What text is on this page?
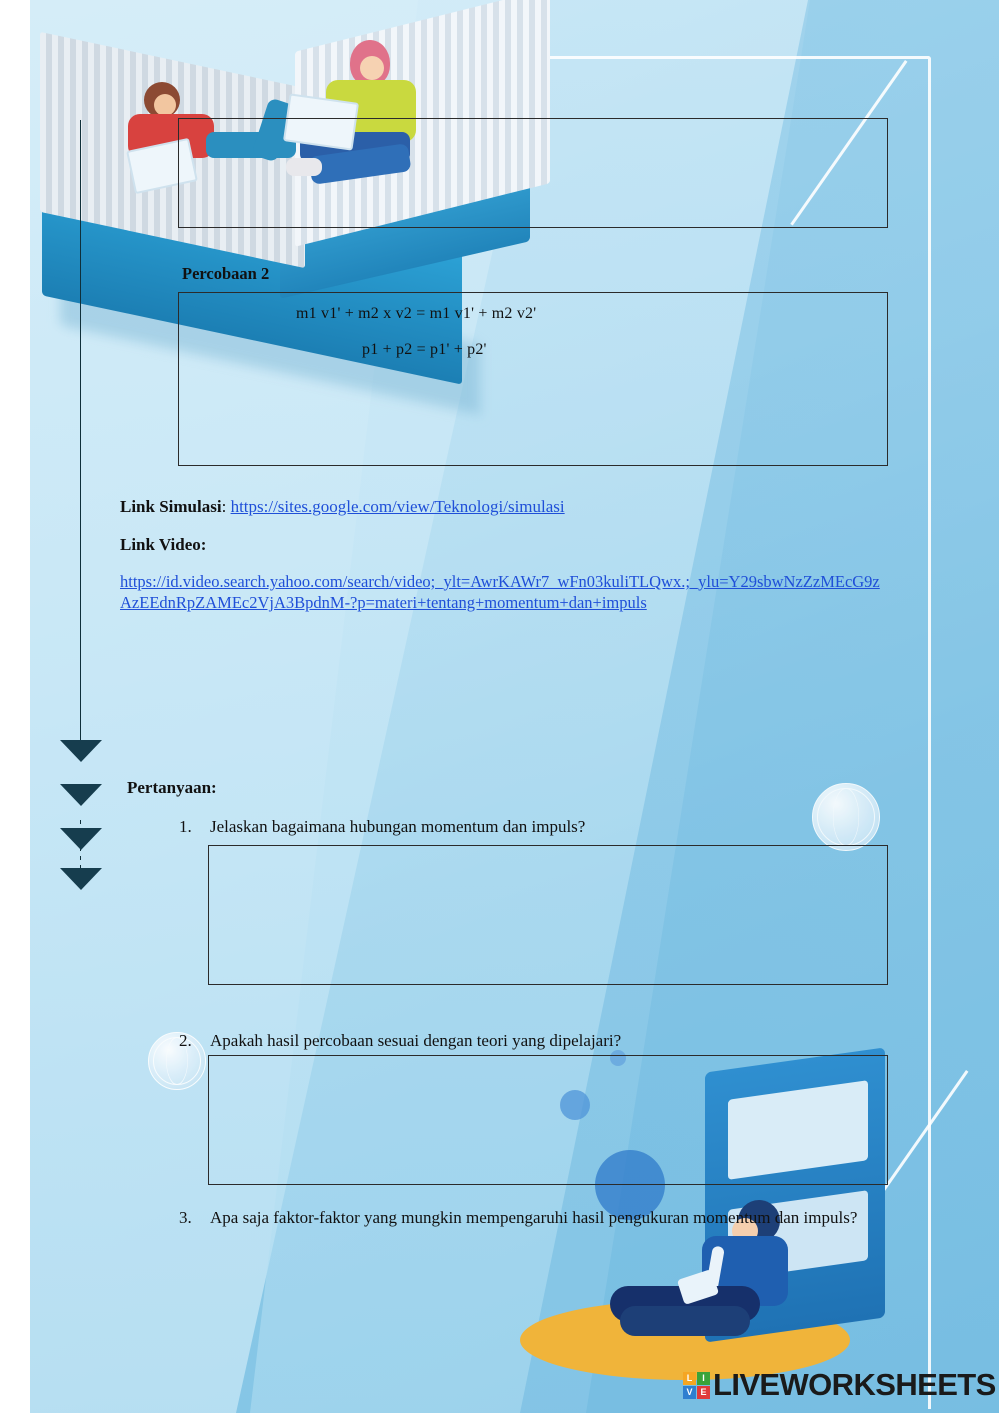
Percobaan 2
m1 v1' + m2 x v2 = m1 v1' + m2 v2'
p1 + p2 = p1' + p2'
Link Simulasi: https://sites.google.com/view/Teknologi/simulasi
Link Video:
https://id.video.search.yahoo.com/search/video;_ylt=AwrKAWr7_wFn03kuliTLQwx.;_ylu=Y29sbwNzZzMEcG9zAzEEdnRpZAMEc2VjA3BpdnM-?p=materi+tentang+momentum+dan+impuls
Pertanyaan:
1.	Jelaskan bagaimana hubungan momentum dan impuls?
2.	Apakah hasil percobaan sesuai dengan teori yang dipelajari?
3.	Apa saja faktor-faktor yang mungkin mempengaruhi hasil pengukuran momentum dan impuls?
L	I
V E LIVEWORKSHEETS
